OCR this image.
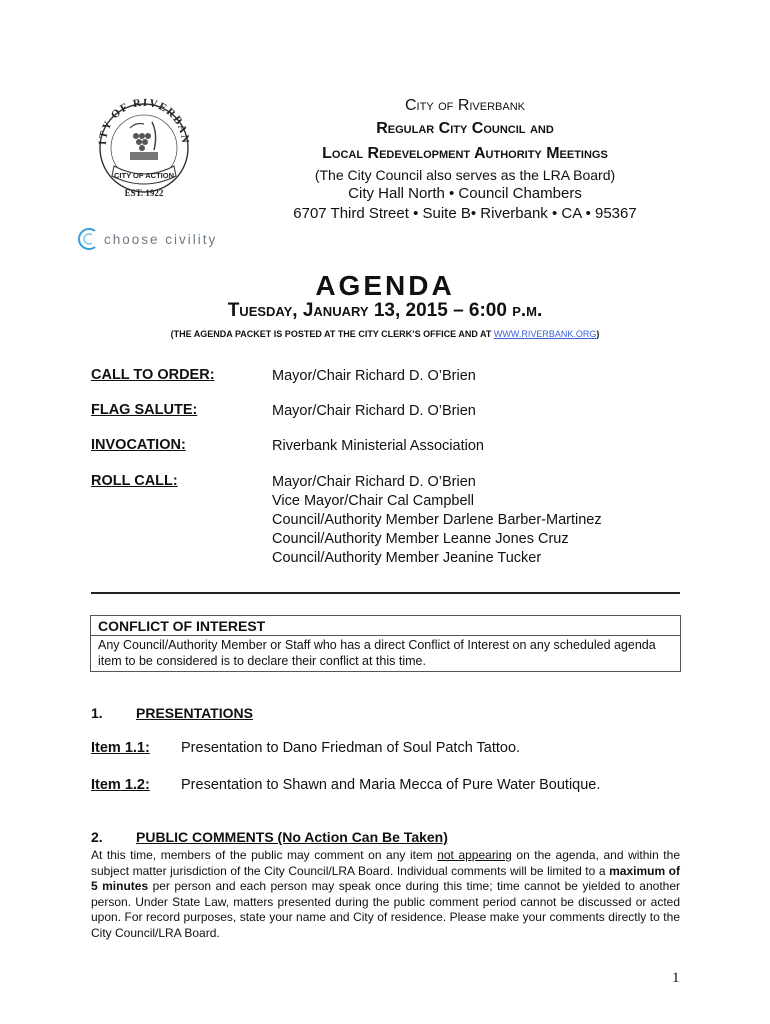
ITY OF RIVERBAN
CITY OF ACTION
EST. 1922
choose civility
City of Riverbank
Regular City Council and
Local Redevelopment Authority Meetings
(The City Council also serves as the LRA Board)
City Hall North • Council Chambers
6707 Third Street • Suite B• Riverbank • CA • 95367
AGENDA
Tuesday, January 13, 2015 – 6:00 p.m.
(THE AGENDA PACKET IS POSTED AT THE CITY CLERK’S OFFICE AND AT WWW.RIVERBANK.ORG)
CALL TO ORDER:	Mayor/Chair Richard D. O’Brien
FLAG SALUTE:	Mayor/Chair Richard D. O’Brien
INVOCATION:	Riverbank Ministerial Association
ROLL CALL:	Mayor/Chair Richard D. O’Brien
Vice Mayor/Chair Cal Campbell
Council/Authority Member Darlene Barber-Martinez
Council/Authority Member Leanne Jones Cruz
Council/Authority Member Jeanine Tucker
CONFLICT OF INTEREST
Any Council/Authority Member or Staff who has a direct Conflict of Interest on any scheduled agenda item to be considered is to declare their conflict at this time.
1. PRESENTATIONS
Item 1.1: Presentation to Dano Friedman of Soul Patch Tattoo.
Item 1.2: Presentation to Shawn and Maria Mecca of Pure Water Boutique.
2. PUBLIC COMMENTS (No Action Can Be Taken)
At this time, members of the public may comment on any item not appearing on the agenda, and within the subject matter jurisdiction of the City Council/LRA Board. Individual comments will be limited to a maximum of 5 minutes per person and each person may speak once during this time; time cannot be yielded to another person. Under State Law, matters presented during the public comment period cannot be discussed or acted upon. For record purposes, state your name and City of residence. Please make your comments directly to the City Council/LRA Board.
1
